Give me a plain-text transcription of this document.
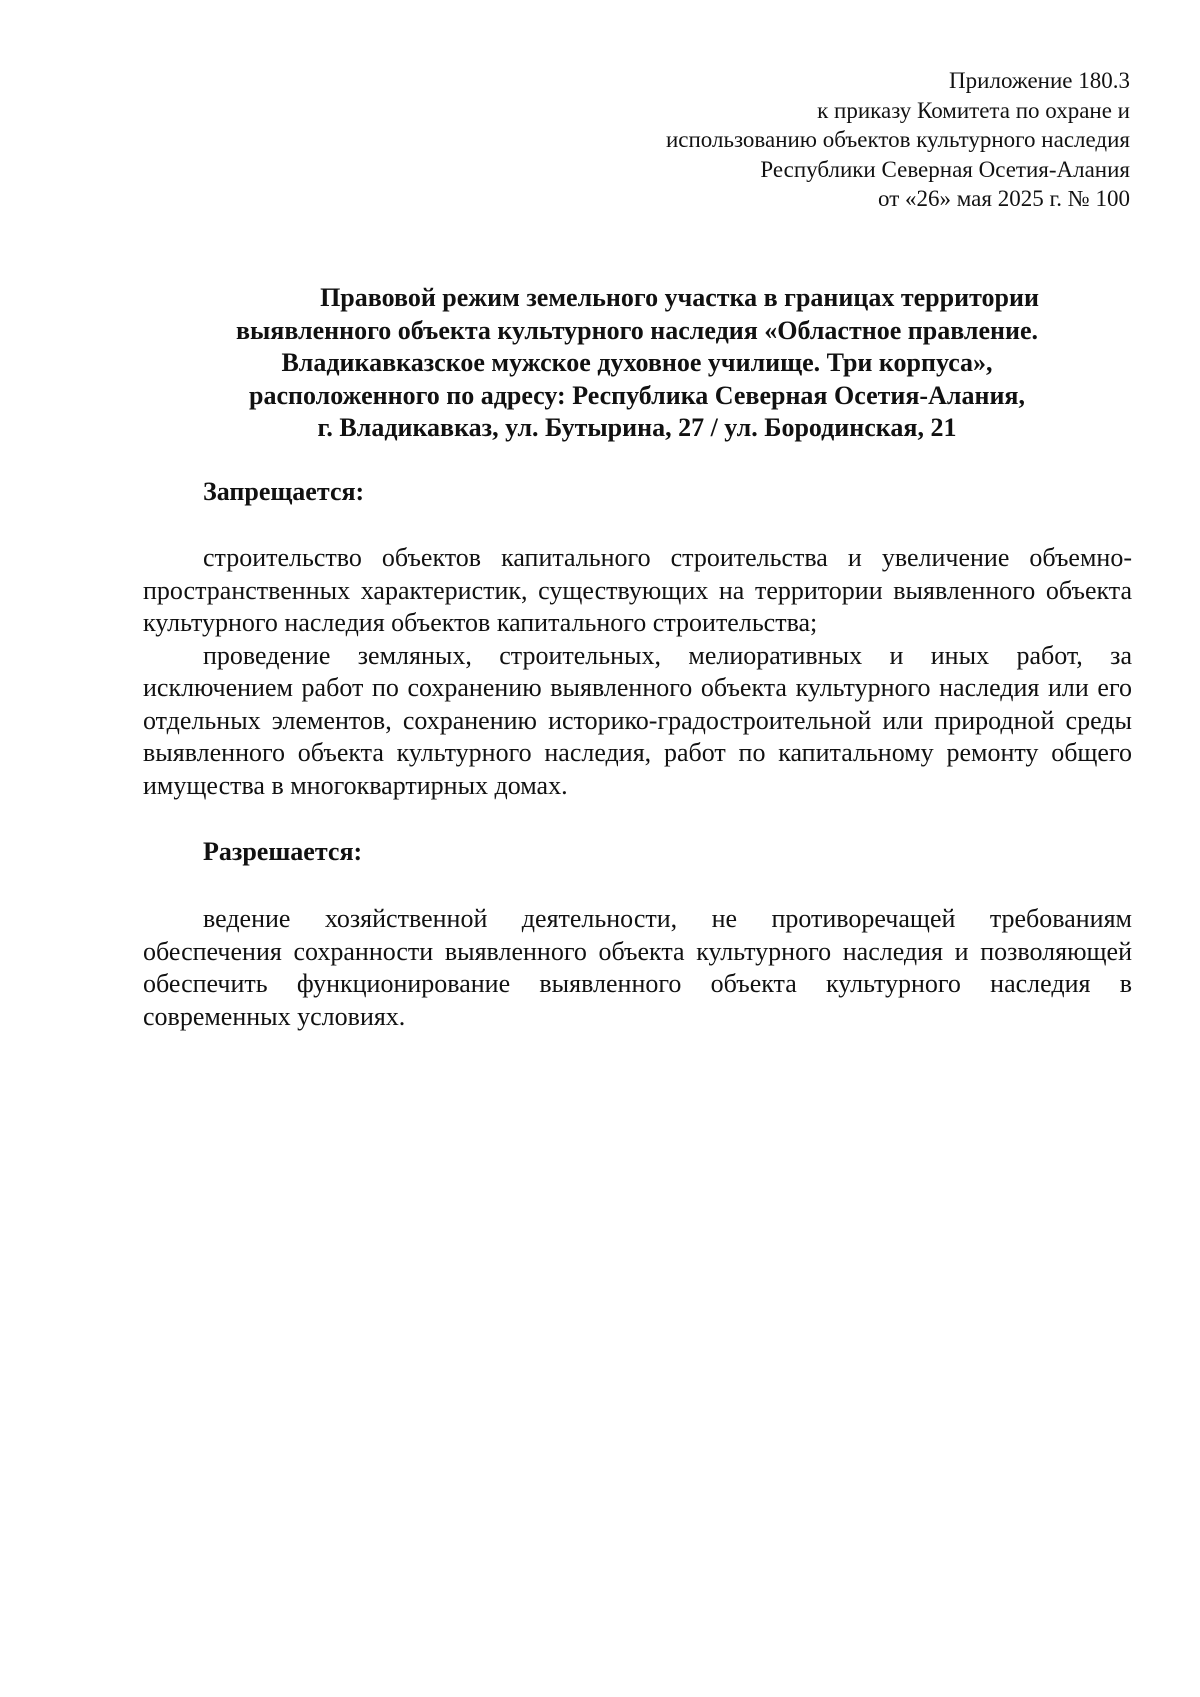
Приложение 180.3
к приказу Комитета по охране и
использованию объектов культурного наследия
Республики Северная Осетия-Алания
от «26» мая 2025 г. № 100
Правовой режим земельного участка в границах территории
выявленного объекта культурного наследия «Областное правление.
Владикавказское мужское духовное училище. Три корпуса»,
расположенного по адресу: Республика Северная Осетия-Алания,
г. Владикавказ, ул. Бутырина, 27 / ул. Бородинская, 21
Запрещается:

строительство объектов капитального строительства и увеличение объемно-пространственных характеристик, существующих на территории выявленного объекта культурного наследия объектов капитального строительства;

проведение земляных, строительных, мелиоративных и иных работ, за исключением работ по сохранению выявленного объекта культурного наследия или его отдельных элементов, сохранению историко-градостроительной или природной среды выявленного объекта культурного наследия, работ по капитальному ремонту общего имущества в многоквартирных домах.

Разрешается:

ведение хозяйственной деятельности, не противоречащей требованиям обеспечения сохранности выявленного объекта культурного наследия и позволяющей обеспечить функционирование выявленного объекта культурного наследия в современных условиях.
